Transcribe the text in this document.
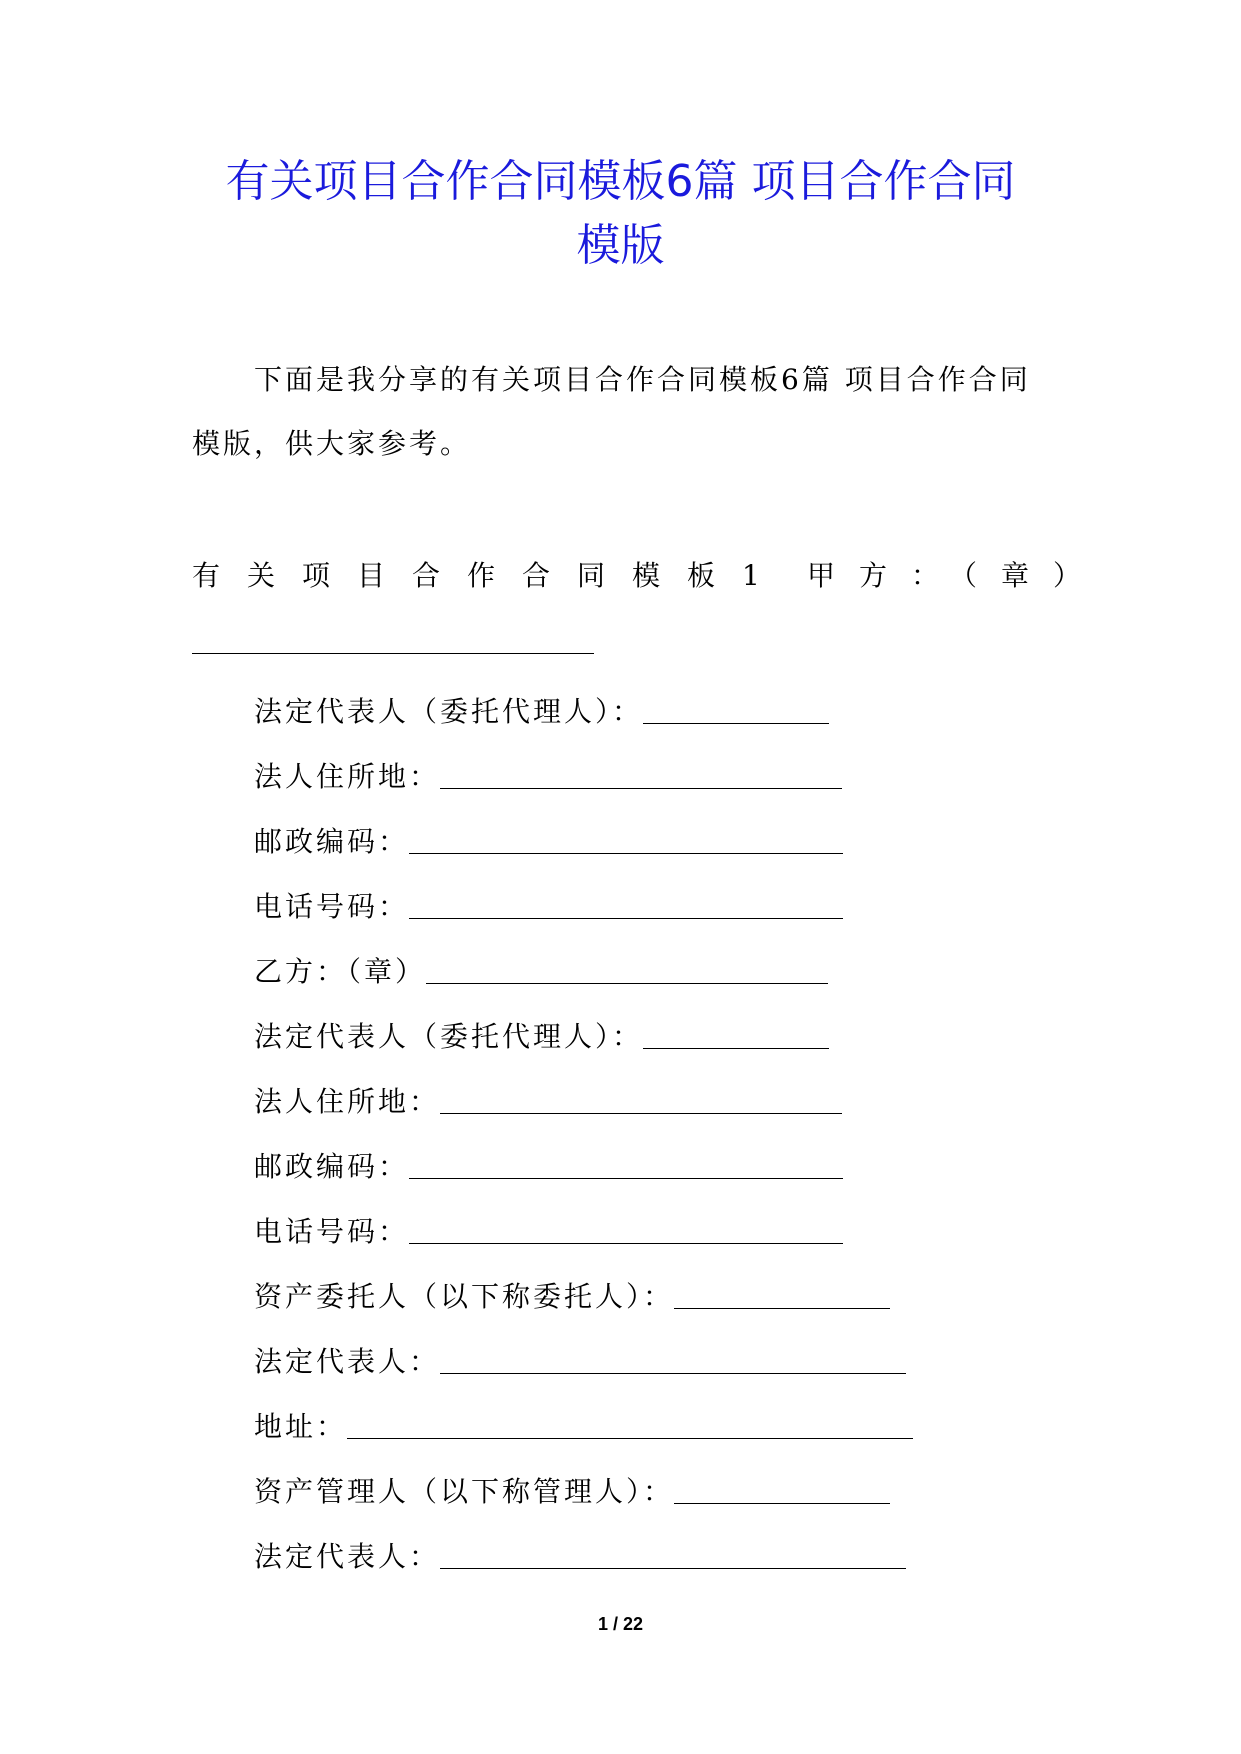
有关项目合作合同模板6篇 项目合作合同
模版
下面是我分享的有关项目合作合同模板6篇 项目合作合同
模版，供大家参考。
有关项目合作合同模板1 甲方：（章）
法定代表人（委托代理人）：
法人住所地：
邮政编码：
电话号码：
乙方：（章）
法定代表人（委托代理人）：
法人住所地：
邮政编码：
电话号码：
资产委托人（以下称委托人）：
法定代表人：
地址：
资产管理人（以下称管理人）：
法定代表人：
1 / 22
